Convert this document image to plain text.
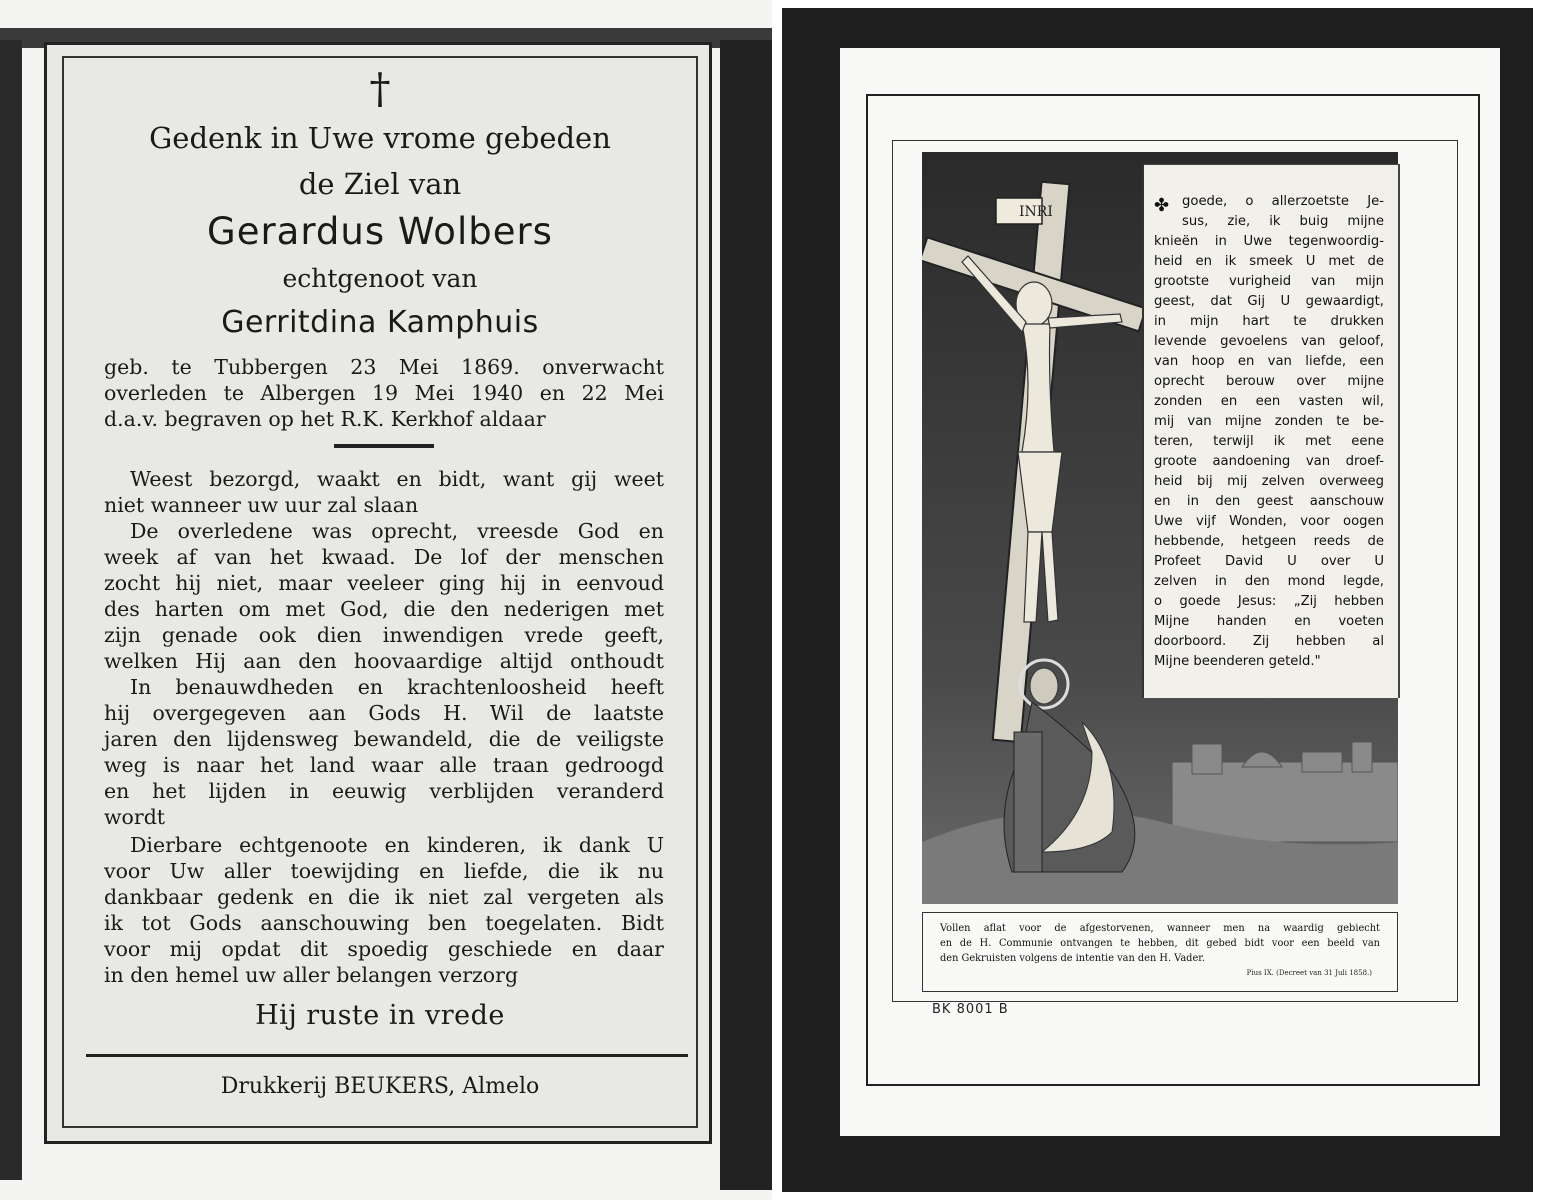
†
Gedenk in Uwe vrome gebeden
de Ziel van
Gerardus Wolbers
echtgenoot van
Gerritdina Kamphuis
geb. te Tubbergen 23 Mei 1869. onverwacht
overleden te Albergen 19 Mei 1940 en 22 Mei
d.a.v. begraven op het R.K. Kerkhof aldaar
Weest bezorgd, waakt en bidt, want gij weet
niet wanneer uw uur zal slaan
De overledene was oprecht, vreesde God en
week af van het kwaad. De lof der menschen
zocht hij niet, maar veeleer ging hij in eenvoud
des harten om met God, die den nederigen met
zijn genade ook dien inwendigen vrede geeft,
welken Hij aan den hoovaardige altijd onthoudt
In benauwdheden en krachtenloosheid heeft
hij overgegeven aan Gods H. Wil de laatste
jaren den lijdensweg bewandeld, die de veiligste
weg is naar het land waar alle traan gedroogd
en het lijden in eeuwig verblijden veranderd
wordt
Dierbare echtgenoote en kinderen, ik dank U
voor Uw aller toewijding en liefde, die ik nu
dankbaar gedenk en die ik niet zal vergeten als
ik tot Gods aanschouwing ben toegelaten. Bidt
voor mij opdat dit spoedig geschiede en daar
in den hemel uw aller belangen verzorg
Hij ruste in vrede
Drukkerij BEUKERS, Almelo
INRI	✤ goede, o allerzoetste Je-
sus, zie, ik buig mijne
knieën in Uwe tegenwoordig-
heid en ik smeek U met de
grootste vurigheid van mijn
geest, dat Gij U gewaardigt,
in mijn hart te drukken
levende gevoelens van geloof,
van hoop en van liefde, een
oprecht berouw over mijne
zonden en een vasten wil,
mij van mijne zonden te be-
teren, terwijl ik met eene
groote aandoening van droef-
heid bij mij zelven overweeg
en in den geest aanschouw
Uwe vijf Wonden, voor oogen
hebbende, hetgeen reeds de
Profeet David U over U
zelven in den mond legde,
o goede Jesus: „Zij hebben
Mijne handen en voeten
doorboord. Zij hebben al
Mijne beenderen geteld."
Vollen aflat voor de afgestorvenen, wanneer men na waardig gebiecht
en de H. Communie ontvangen te hebben, dit gebed bidt voor een beeld van
den Gekruisten volgens de intentie van den H. Vader.
Pius IX. (Decreet van 31 Juli 1858.)
BK 8001 B
